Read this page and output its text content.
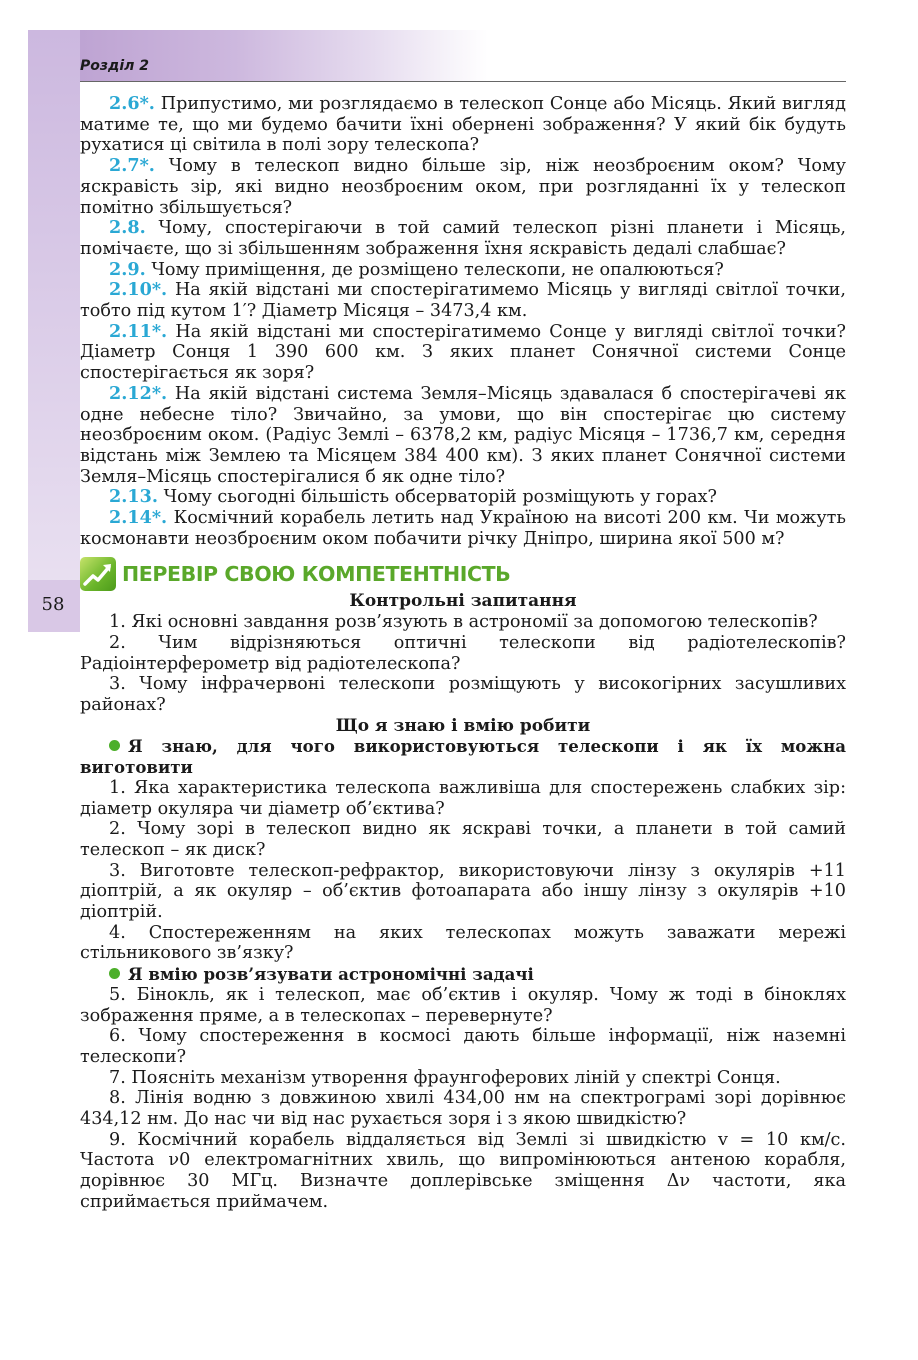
Розділ 2
58

2.6*. Припустимо, ми розглядаємо в телескоп Сонце або Місяць. Який вигляд матиме те, що ми будемо бачити їхні обернені зображення? У який бік будуть рухатися ці світила в полі зору телескопа?

2.7*. Чому в телескоп видно більше зір, ніж неозброєним оком? Чому яскравість зір, які видно неозброєним оком, при розгляданні їх у телескоп помітно збільшується?

2.8. Чому, спостерігаючи в той самий телескоп різні планети і Місяць, помічаєте, що зі збільшенням зображення їхня яскравість дедалі слабшає?

2.9. Чому приміщення, де розміщено телескопи, не опалюються?

2.10*. На якій відстані ми спостерігатимемо Місяць у вигляді світлої точки, тобто під кутом 1′? Діаметр Місяця – 3473,4 км.

2.11*. На якій відстані ми спостерігатимемо Сонце у вигляді світлої точки? Діаметр Сонця 1 390 600 км. З яких планет Сонячної системи Сонце спостерігається як зоря?

2.12*. На якій відстані система Земля–Місяць здавалася б спостерігачеві як одне небесне тіло? Звичайно, за умови, що він спостерігає цю систему неозброєним оком. (Радіус Землі – 6378,2 км, радіус Місяця – 1736,7 км, середня відстань між Землею та Місяцем 384 400 км). З яких планет Сонячної системи Земля–Місяць спостерігалися б як одне тіло?

2.13. Чому сьогодні більшість обсерваторій розміщують у горах?

2.14*. Космічний корабель летить над Україною на висоті 200 км. Чи можуть космонавти неозброєним оком побачити річку Дніпро, ширина якої 500 м?

ПЕРЕВІР СВОЮ КОМПЕТЕНТНІСТЬ

Контрольні запитання

1. Які основні завдання розв’язують в астрономії за допомогою телескопів?

2. Чим відрізняються оптичні телескопи від радіотелескопів? Радіоінтерферометр від радіотелескопа?

3. Чому інфрачервоні телескопи розміщують у високогірних засушливих районах?

Що я знаю і вмію робити

Я знаю, для чого використовуються телескопи і як їх можна виготовити

1. Яка характеристика телескопа важливіша для спостережень слабких зір: діаметр окуляра чи діаметр об’єктива?

2. Чому зорі в телескоп видно як яскраві точки, а планети в той самий телескоп – як диск?

3. Виготовте телескоп-рефрактор, використовуючи лінзу з окулярів +11 діоптрій, а як окуляр – об’єктив фотоапарата або іншу лінзу з окулярів +10 діоптрій.

4. Спостереженням на яких телескопах можуть заважати мережі стільникового зв’язку?

Я вмію розв’язувати астрономічні задачі

5. Бінокль, як і телескоп, має об’єктив і окуляр. Чому ж тоді в біноклях зображення пряме, а в телескопах – перевернуте?

6. Чому спостереження в космосі дають більше інформації, ніж наземні телескопи?

7. Поясніть механізм утворення фраунгоферових ліній у спектрі Сонця.

8. Лінія водню з довжиною хвилі 434,00 нм на спектрограмі зорі дорівнює 434,12 нм. До нас чи від нас рухається зоря і з якою швидкістю?

9. Космічний корабель віддаляється від Землі зі швидкістю v = 10 км/с. Частота ν0 електромагнітних хвиль, що випромінюються антеною корабля, дорівнює 30 МГц. Визначте доплерівське зміщення Δν частоти, яка сприймається приймачем.
